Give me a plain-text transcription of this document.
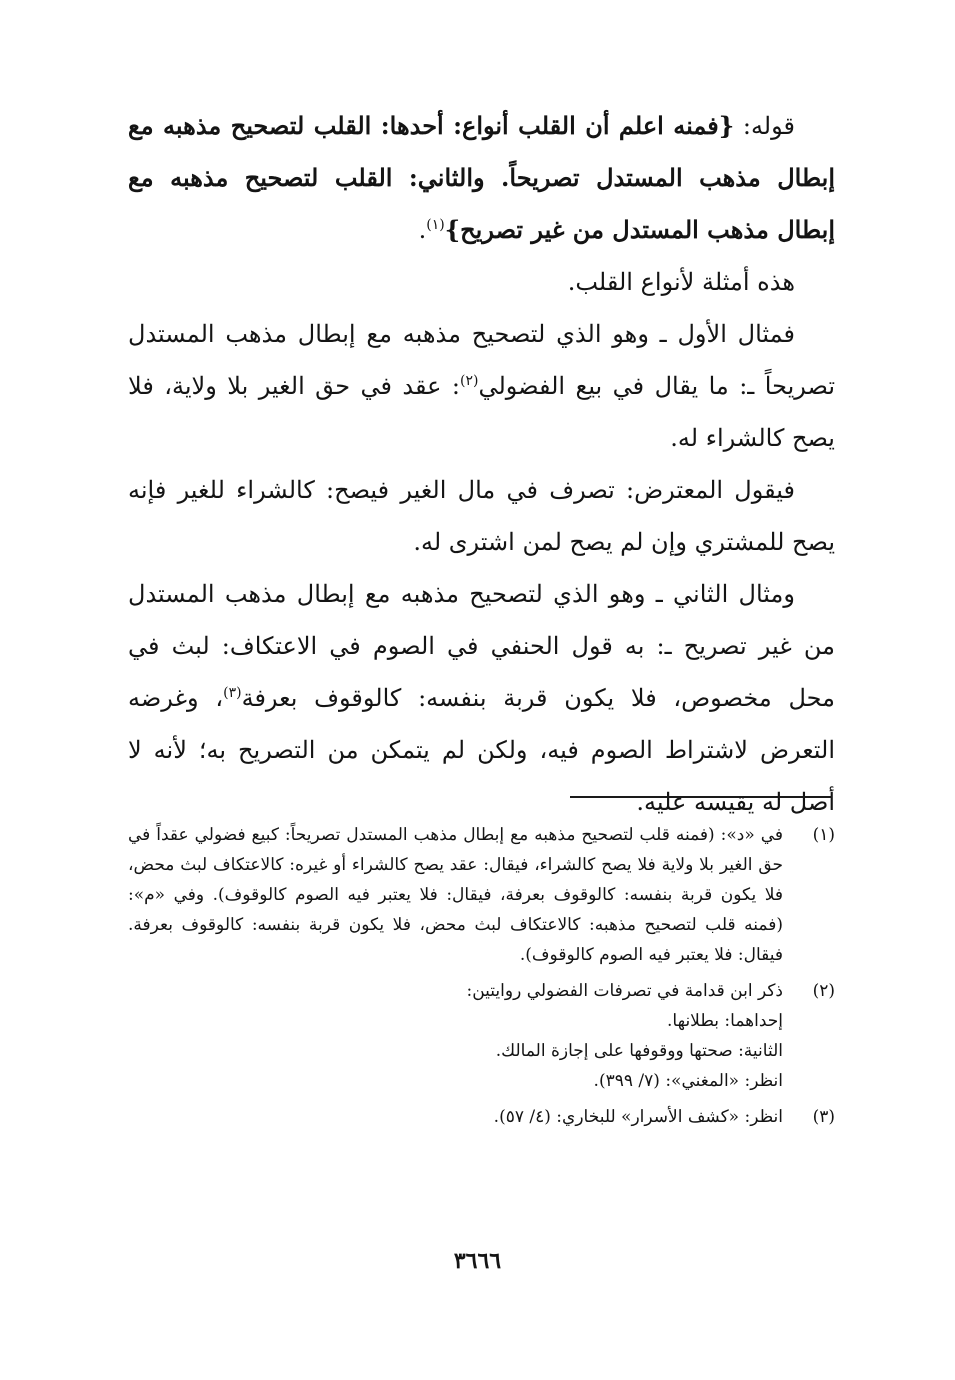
قوله: {فمنه اعلم أن القلب أنواع: أحدها: القلب لتصحيح مذهبه مع إبطال مذهب المستدل تصريحاً. والثاني: القلب لتصحيح مذهبه مع إبطال مذهب المستدل من غير تصريح}$^{(١)}$.

هذه أمثلة لأنواع القلب.

فمثال الأول ـ وهو الذي لتصحيح مذهبه مع إبطال مذهب المستدل تصريحاً ـ: ما يقال في بيع الفضولي$^{(٢)}$: عقد في حق الغير بلا ولاية، فلا يصح كالشراء له.

فيقول المعترض: تصرف في مال الغير فيصح: كالشراء للغير فإنه يصح للمشتري وإن لم يصح لمن اشترى له.

ومثال الثاني ـ وهو الذي لتصحيح مذهبه مع إبطال مذهب المستدل من غير تصريح ـ: به قول الحنفي في الصوم في الاعتكاف: لبث في محل مخصوص، فلا يكون قربة بنفسه: كالوقوف بعرفة$^{(٣)}$، وغرضه التعرض لاشتراط الصوم فيه، ولكن لم يتمكن من التصريح به؛ لأنه لا أصل له يقيسه عليه.

(١)
في «د»: (فمنه قلب لتصحيح مذهبه مع إبطال مذهب المستدل تصريحاً: كبيع فضولي عقداً في حق الغير بلا ولاية فلا يصح كالشراء، فيقال: عقد يصح كالشراء أو غيره: كالاعتكاف لبث محض، فلا يكون قربة بنفسه: كالوقوف بعرفة، فيقال: فلا يعتبر فيه الصوم كالوقوف). وفي «م»: (فمنه قلب لتصحيح مذهبه: كالاعتكاف لبث محض، فلا يكون قربة بنفسه: كالوقوف بعرفة. فيقال: فلا يعتبر فيه الصوم كالوقوف).
(٢)
ذكر ابن قدامة في تصرفات الفضولي روايتين:
إحداهما: بطلانها.
الثانية: صحتها ووقوفها على إجازة المالك.
انظر: «المغني»: (٧/ ٣٩٩).
(٣)
انظر: «كشف الأسرار» للبخاري: (٤/ ٥٧).
٣٦٦٦
